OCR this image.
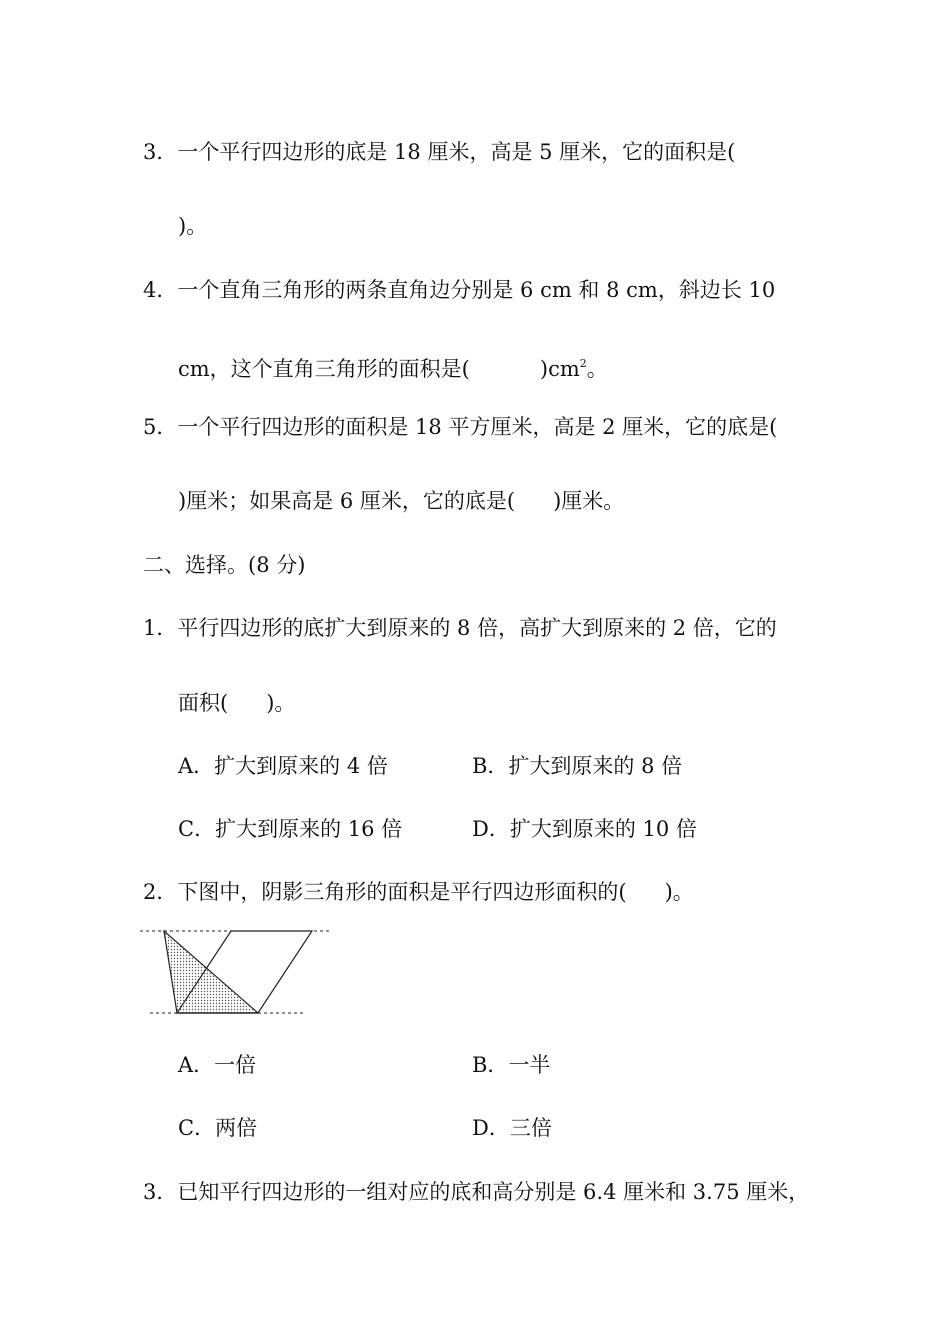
3．一个平行四边形的底是 18 厘米，高是 5 厘米，它的面积是(
)。
4．一个直角三角形的两条直角边分别是 6 cm 和 8 cm，斜边长 10
cm，这个直角三角形的面积是(	)$cm^2$。
5．一个平行四边形的面积是 18 平方厘米，高是 2 厘米，它的底是(
)厘米；如果高是 6 厘米，它的底是( )厘米。
二、选择。(8 分)
1．平行四边形的底扩大到原来的 8 倍，高扩大到原来的 2 倍，它的
面积( )。
A．扩大到原来的 4 倍	B．扩大到原来的 8 倍
C．扩大到原来的 16 倍	D．扩大到原来的 10 倍
2．下图中，阴影三角形的面积是平行四边形面积的( )。
A．一倍	B．一半
C．两倍	D．三倍
3．已知平行四边形的一组对应的底和高分别是 6.4 厘米和 3.75 厘米，
